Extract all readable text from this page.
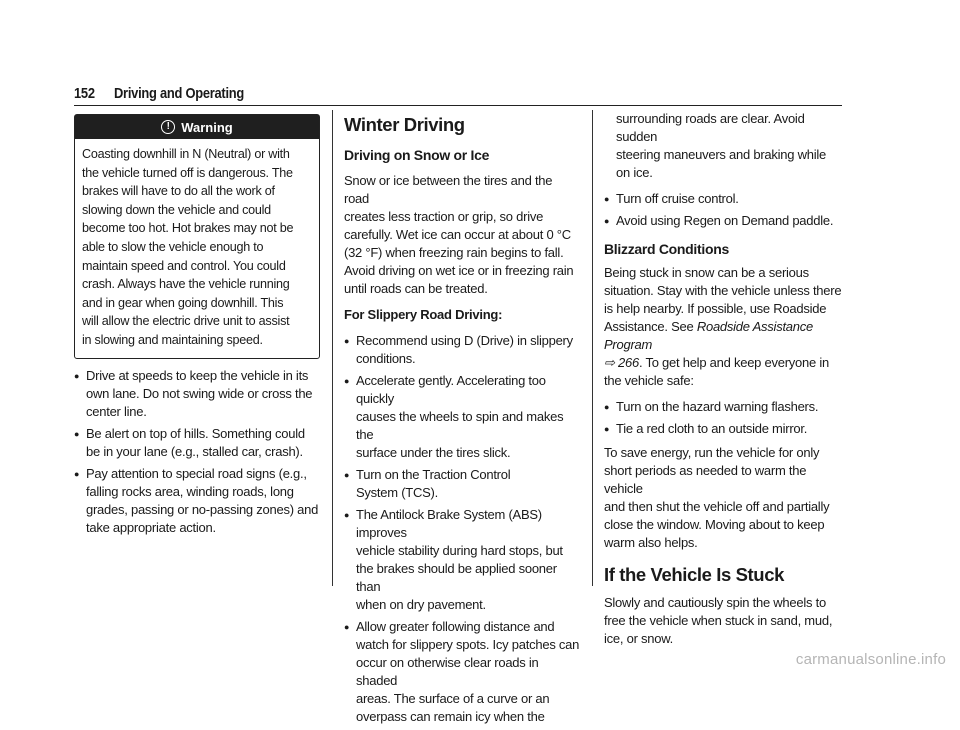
152 Driving and Operating
! Warning
Coasting downhill in N (Neutral) or with
the vehicle turned off is dangerous. The
brakes will have to do all the work of
slowing down the vehicle and could
become too hot. Hot brakes may not be
able to slow the vehicle enough to
maintain speed and control. You could
crash. Always have the vehicle running
and in gear when going downhill. This
will allow the electric drive unit to assist
in slowing and maintaining speed.
● Drive at speeds to keep the vehicle in its
own lane. Do not swing wide or cross the
center line.
● Be alert on top of hills. Something could
be in your lane (e.g., stalled car, crash).
● Pay attention to special road signs (e.g.,
falling rocks area, winding roads, long
grades, passing or no-passing zones) and
take appropriate action.
Winter Driving
Driving on Snow or Ice
Snow or ice between the tires and the road
creates less traction or grip, so drive
carefully. Wet ice can occur at about 0 °C
(32 °F) when freezing rain begins to fall.
Avoid driving on wet ice or in freezing rain
until roads can be treated.
For Slippery Road Driving:
● Recommend using D (Drive) in slippery
conditions.
● Accelerate gently. Accelerating too quickly
causes the wheels to spin and makes the
surface under the tires slick.
● Turn on the Traction Control
System (TCS).
● The Antilock Brake System (ABS) improves
vehicle stability during hard stops, but
the brakes should be applied sooner than
when on dry pavement.
● Allow greater following distance and
watch for slippery spots. Icy patches can
occur on otherwise clear roads in shaded
areas. The surface of a curve or an
overpass can remain icy when the
surrounding roads are clear. Avoid sudden
steering maneuvers and braking while
on ice.
● Turn off cruise control.
● Avoid using Regen on Demand paddle.
Blizzard Conditions
Being stuck in snow can be a serious
situation. Stay with the vehicle unless there
is help nearby. If possible, use Roadside
Assistance. See Roadside Assistance Program
⇨ 266. To get help and keep everyone in
the vehicle safe:
● Turn on the hazard warning flashers.
● Tie a red cloth to an outside mirror.
To save energy, run the vehicle for only
short periods as needed to warm the vehicle
and then shut the vehicle off and partially
close the window. Moving about to keep
warm also helps.
If the Vehicle Is Stuck
Slowly and cautiously spin the wheels to
free the vehicle when stuck in sand, mud,
ice, or snow.
carmanualsonline.info
